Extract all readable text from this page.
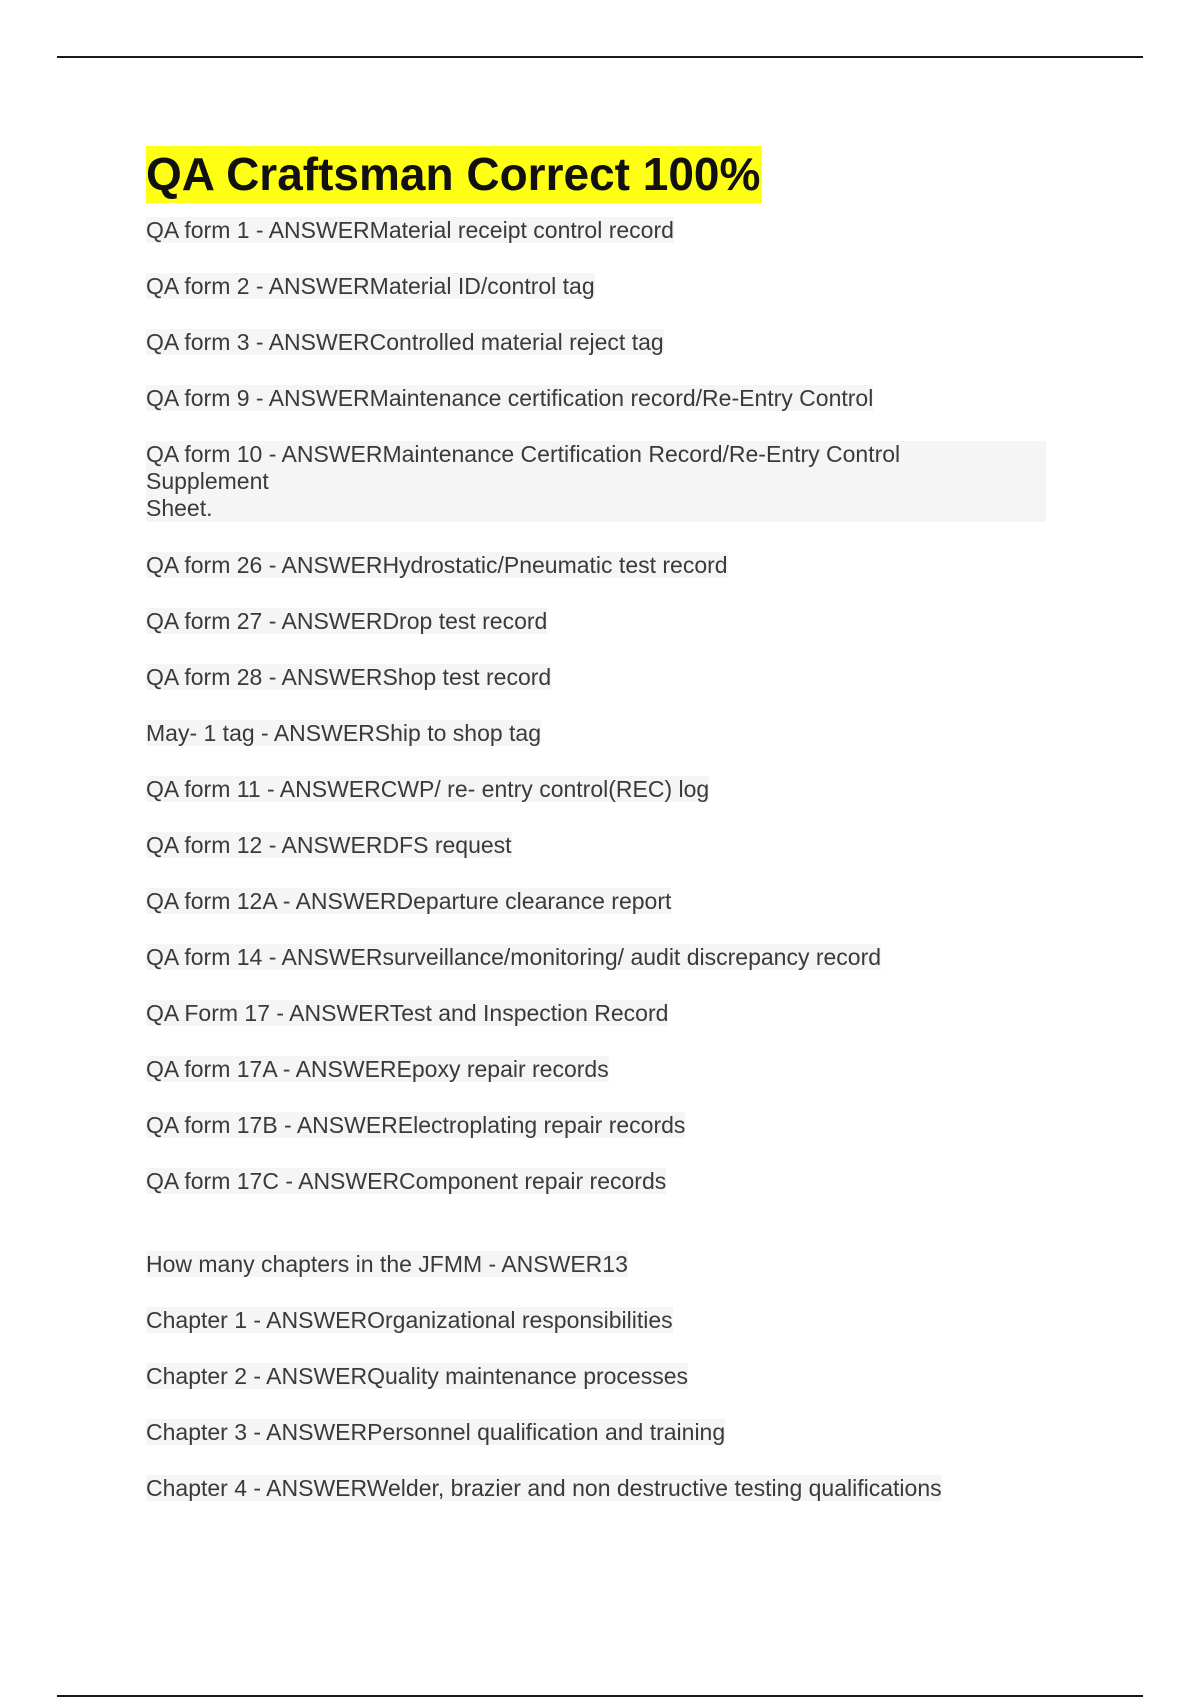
QA Craftsman Correct 100%
QA form 1 - ANSWERMaterial receipt control record
QA form 2 - ANSWERMaterial ID/control tag
QA form 3 - ANSWERControlled material reject tag
QA form 9 - ANSWERMaintenance certification record/Re-Entry Control
QA form 10 - ANSWERMaintenance Certification Record/Re-Entry Control
Supplement
Sheet.
QA form 26 - ANSWERHydrostatic/Pneumatic test record
QA form 27 - ANSWERDrop test record
QA form 28 - ANSWERShop test record
May- 1 tag - ANSWERShip to shop tag
QA form 11 - ANSWERCWP/ re- entry control(REC) log
QA form 12 - ANSWERDFS request
QA form 12A - ANSWERDeparture clearance report
QA form 14 - ANSWERsurveillance/monitoring/ audit discrepancy record
QA Form 17 - ANSWERTest and Inspection Record
QA form 17A - ANSWEREpoxy repair records
QA form 17B - ANSWERElectroplating repair records
QA form 17C - ANSWERComponent repair records
How many chapters in the JFMM - ANSWER13
Chapter 1 - ANSWEROrganizational responsibilities
Chapter 2 - ANSWERQuality maintenance processes
Chapter 3 - ANSWERPersonnel qualification and training
Chapter 4 - ANSWERWelder, brazier and non destructive testing qualifications
